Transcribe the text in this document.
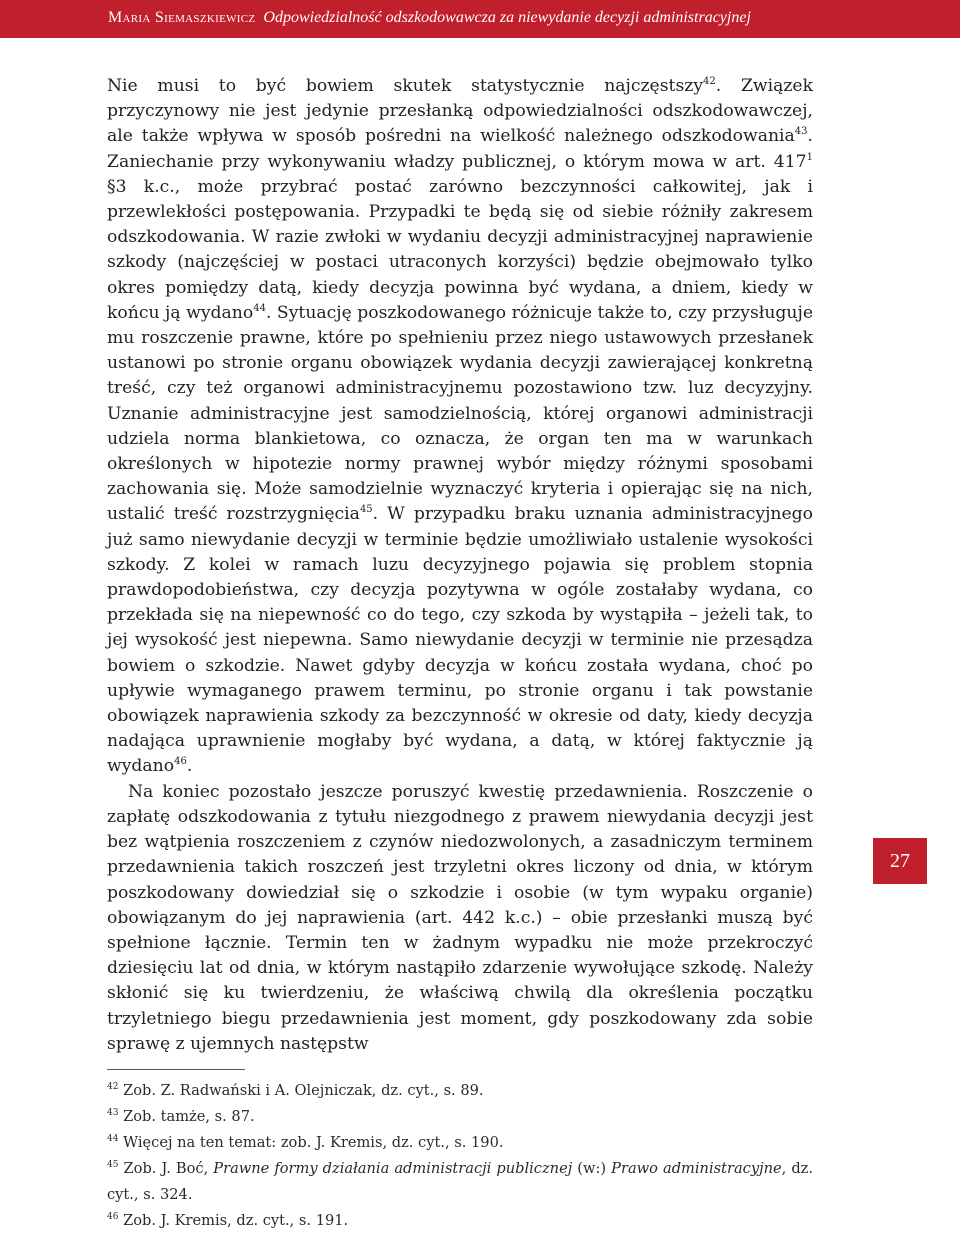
Maria Siemaszkiewicz Odpowiedzialność odszkodowawcza za niewydanie decyzji administracyjnej

Nie musi to być bowiem skutek statystycznie najczęstszy$^{42}$. Związek przyczynowy nie jest jedynie przesłanką odpowiedzialności odszkodowawczej, ale także wpływa w sposób pośredni na wielkość należnego odszkodowania$^{43}$. Zaniechanie przy wykonywaniu władzy publicznej, o którym mowa w art. $417^1$ §3 k.c., może przybrać postać zarówno bezczynności całkowitej, jak i przewlekłości postępowania. Przypadki te będą się od siebie różniły zakresem odszkodowania. W razie zwłoki w wydaniu decyzji administracyjnej naprawienie szkody (najczęściej w postaci utraconych korzyści) będzie obejmowało tylko okres pomiędzy datą, kiedy decyzja powinna być wydana, a dniem, kiedy w końcu ją wydano$^{44}$. Sytuację poszkodowanego różnicuje także to, czy przysługuje mu roszczenie prawne, które po spełnieniu przez niego ustawowych przesłanek ustanowi po stronie organu obowiązek wydania decyzji zawierającej konkretną treść, czy też organowi administracyjnemu pozostawiono tzw. luz decyzyjny. Uznanie administracyjne jest samodzielnością, której organowi administracji udziela norma blankietowa, co oznacza, że organ ten ma w warunkach określonych w hipotezie normy prawnej wybór między różnymi sposobami zachowania się. Może samodzielnie wyznaczyć kryteria i opierając się na nich, ustalić treść rozstrzygnięcia$^{45}$. W przypadku braku uznania administracyjnego już samo niewydanie decyzji w terminie będzie umożliwiało ustalenie wysokości szkody. Z kolei w ramach luzu decyzyjnego pojawia się problem stopnia prawdopodobieństwa, czy decyzja pozytywna w ogóle zostałaby wydana, co przekłada się na niepewność co do tego, czy szkoda by wystąpiła – jeżeli tak, to jej wysokość jest niepewna. Samo niewydanie decyzji w terminie nie przesądza bowiem o szkodzie. Nawet gdyby decyzja w końcu została wydana, choć po upływie wymaganego prawem terminu, po stronie organu i tak powstanie obowiązek naprawienia szkody za bezczynność w okresie od daty, kiedy decyzja nadająca uprawnienie mogłaby być wydana, a datą, w której faktycznie ją wydano$^{46}$.

Na koniec pozostało jeszcze poruszyć kwestię przedawnienia. Roszczenie o zapłatę odszkodowania z tytułu niezgodnego z prawem niewydania decyzji jest bez wątpienia roszczeniem z czynów niedozwolonych, a zasadniczym terminem przedawnienia takich roszczeń jest trzyletni okres liczony od dnia, w którym poszkodowany dowiedział się o szkodzie i osobie (w tym wypaku organie) obowiązanym do jej naprawienia (art. 442 k.c.) – obie przesłanki muszą być spełnione łącznie. Termin ten w żadnym wypadku nie może przekroczyć dziesięciu lat od dnia, w którym nastąpiło zdarzenie wywołujące szkodę. Należy skłonić się ku twierdzeniu, że właściwą chwilą dla określenia początku trzyletniego biegu przedawnienia jest moment, gdy poszkodowany zda sobie sprawę z ujemnych następstw

27

$^{42}$ Zob. Z. Radwański i A. Olejniczak, dz. cyt., s. 89.

$^{43}$ Zob. tamże, s. 87.

$^{44}$ Więcej na ten temat: zob. J. Kremis, dz. cyt., s. 190.

$^{45}$ Zob. J. Boć, Prawne formy działania administracji publicznej (w:) Prawo administracyjne, dz. cyt., s. 324.

$^{46}$ Zob. J. Kremis, dz. cyt., s. 191.
